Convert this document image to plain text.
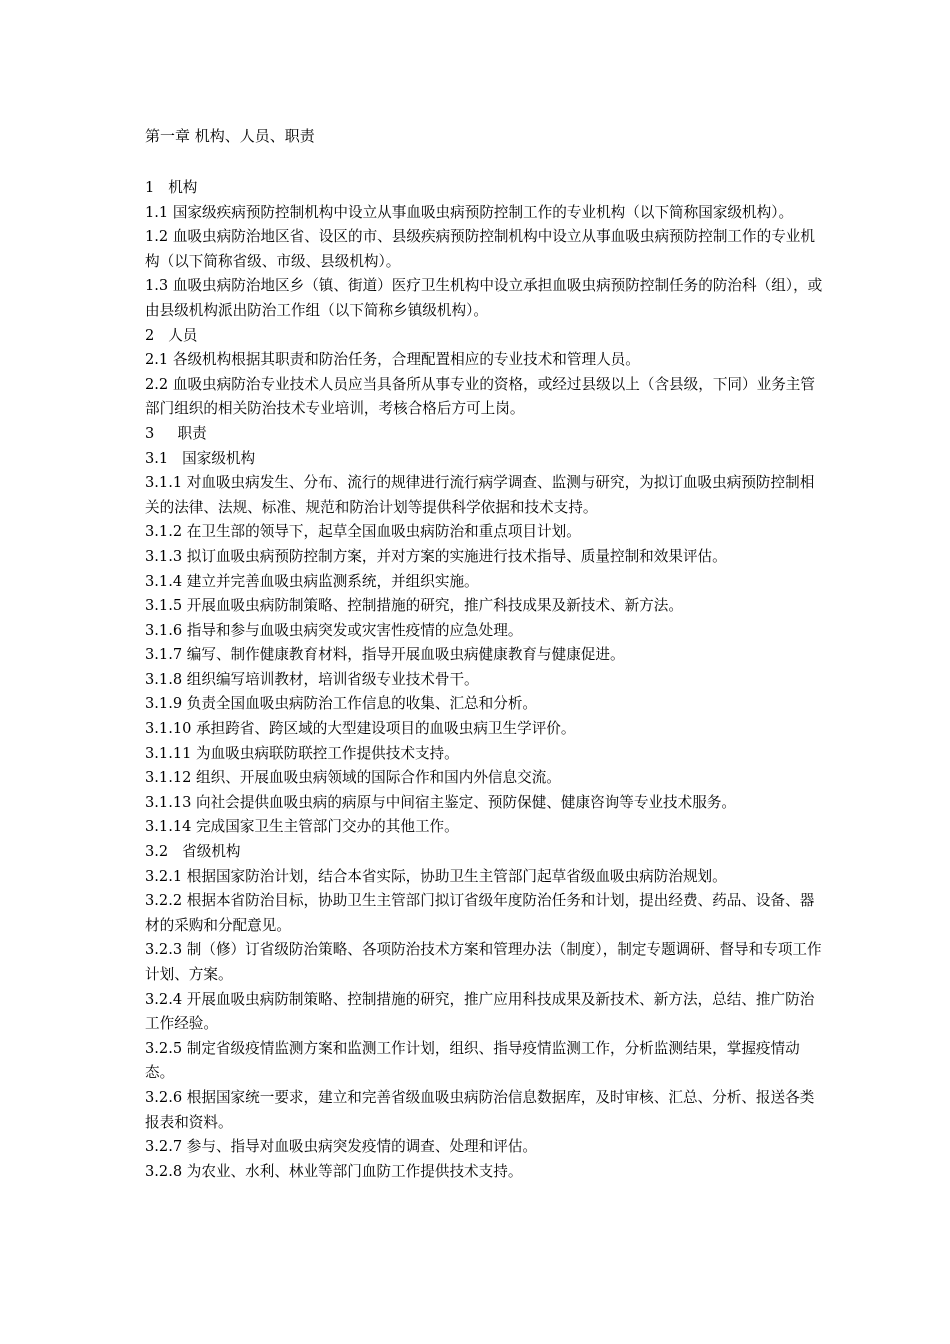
第一章 机构、人员、职责
1   机构
1.1 国家级疾病预防控制机构中设立从事血吸虫病预防控制工作的专业机构（以下简称国家级机构）。
1.2 血吸虫病防治地区省、设区的市、县级疾病预防控制机构中设立从事血吸虫病预防控制工作的专业机构（以下简称省级、市级、县级机构）。
1.3 血吸虫病防治地区乡（镇、街道）医疗卫生机构中设立承担血吸虫病预防控制任务的防治科（组），或由县级机构派出防治工作组（以下简称乡镇级机构）。
2   人员
2.1 各级机构根据其职责和防治任务，合理配置相应的专业技术和管理人员。
2.2 血吸虫病防治专业技术人员应当具备所从事专业的资格，或经过县级以上（含县级，下同）业务主管部门组织的相关防治技术专业培训，考核合格后方可上岗。
3     职责
3.1   国家级机构
3.1.1 对血吸虫病发生、分布、流行的规律进行流行病学调查、监测与研究，为拟订血吸虫病预防控制相关的法律、法规、标准、规范和防治计划等提供科学依据和技术支持。
3.1.2 在卫生部的领导下，起草全国血吸虫病防治和重点项目计划。
3.1.3 拟订血吸虫病预防控制方案，并对方案的实施进行技术指导、质量控制和效果评估。
3.1.4 建立并完善血吸虫病监测系统，并组织实施。
3.1.5 开展血吸虫病防制策略、控制措施的研究，推广科技成果及新技术、新方法。
3.1.6 指导和参与血吸虫病突发或灾害性疫情的应急处理。
3.1.7 编写、制作健康教育材料，指导开展血吸虫病健康教育与健康促进。
3.1.8 组织编写培训教材，培训省级专业技术骨干。
3.1.9 负责全国血吸虫病防治工作信息的收集、汇总和分析。
3.1.10 承担跨省、跨区域的大型建设项目的血吸虫病卫生学评价。
3.1.11 为血吸虫病联防联控工作提供技术支持。
3.1.12 组织、开展血吸虫病领域的国际合作和国内外信息交流。
3.1.13 向社会提供血吸虫病的病原与中间宿主鉴定、预防保健、健康咨询等专业技术服务。
3.1.14 完成国家卫生主管部门交办的其他工作。
3.2   省级机构
3.2.1 根据国家防治计划，结合本省实际，协助卫生主管部门起草省级血吸虫病防治规划。
3.2.2 根据本省防治目标，协助卫生主管部门拟订省级年度防治任务和计划，提出经费、药品、设备、器材的采购和分配意见。
3.2.3 制（修）订省级防治策略、各项防治技术方案和管理办法（制度），制定专题调研、督导和专项工作计划、方案。
3.2.4 开展血吸虫病防制策略、控制措施的研究，推广应用科技成果及新技术、新方法，总结、推广防治工作经验。
3.2.5 制定省级疫情监测方案和监测工作计划，组织、指导疫情监测工作，分析监测结果，掌握疫情动态。
3.2.6 根据国家统一要求，建立和完善省级血吸虫病防治信息数据库，及时审核、汇总、分析、报送各类报表和资料。
3.2.7 参与、指导对血吸虫病突发疫情的调查、处理和评估。
3.2.8 为农业、水利、林业等部门血防工作提供技术支持。
